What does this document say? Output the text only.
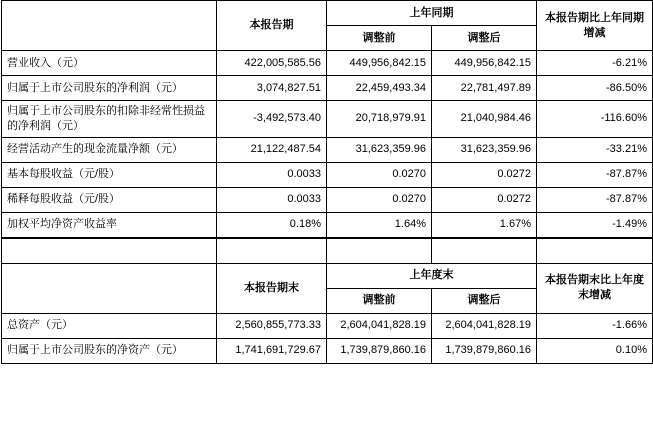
	本报告期	上年同期		本报告期比上年同期增减
		调整前	调整后	
营业收入（元）	422,005,585.56	449,956,842.15	449,956,842.15	-6.21%
归属于上市公司股东的净利润（元）	3,074,827.51	22,459,493.34	22,781,497.89	-86.50%
归属于上市公司股东的扣除非经常性损益的净利润（元）	-3,492,573.40	20,718,979.91	21,040,984.46	-116.60%
经营活动产生的现金流量净额（元）	21,122,487.54	31,623,359.96	31,623,359.96	-33.21%
基本每股收益（元/股）	0.0033	0.0270	0.0272	-87.87%
稀释每股收益（元/股）	0.0033	0.0270	0.0272	-87.87%
加权平均净资产收益率	0.18%	1.64%	1.67%	-1.49%

	本报告期末	上年度末		本报告期末比上年度末增减
		调整前	调整后	
总资产（元）	2,560,855,773.33	2,604,041,828.19	2,604,041,828.19	-1.66%
归属于上市公司股东的净资产（元）	1,741,691,729.67	1,739,879,860.16	1,739,879,860.16	0.10%
